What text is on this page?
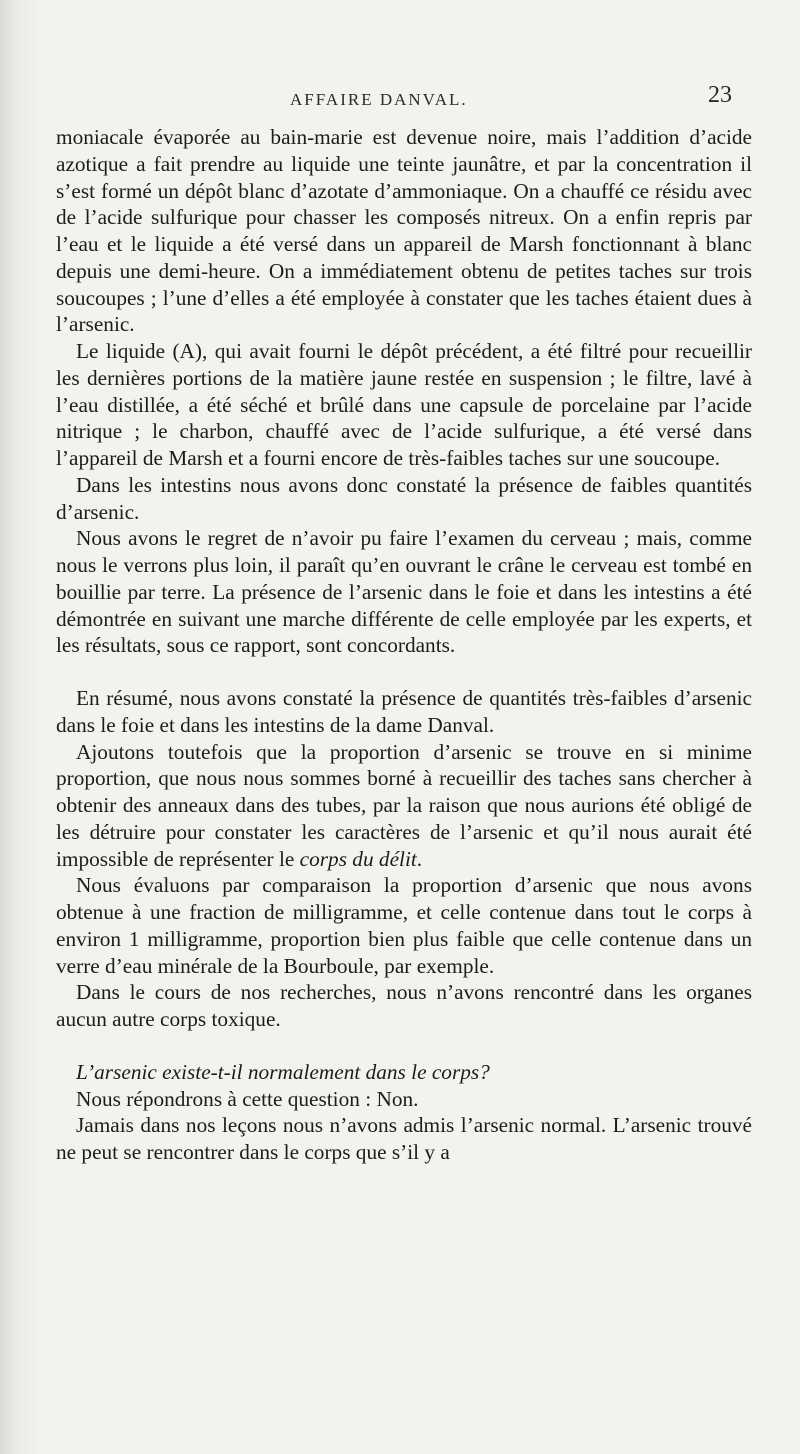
AFFAIRE DANVAL.	23

moniacale évaporée au bain-marie est devenue noire, mais l’addition d’acide azotique a fait prendre au liquide une teinte jaunâtre, et par la concentration il s’est formé un dépôt blanc d’azotate d’ammoniaque. On a chauffé ce résidu avec de l’acide sulfurique pour chasser les composés nitreux. On a enfin repris par l’eau et le liquide a été versé dans un appareil de Marsh fonctionnant à blanc depuis une demi-heure. On a immédiatement obtenu de petites taches sur trois soucoupes ; l’une d’elles a été employée à constater que les taches étaient dues à l’arsenic.

Le liquide (A), qui avait fourni le dépôt précédent, a été filtré pour recueillir les dernières portions de la matière jaune restée en suspension ; le filtre, lavé à l’eau distillée, a été séché et brûlé dans une capsule de porcelaine par l’acide nitrique ; le charbon, chauffé avec de l’acide sulfurique, a été versé dans l’appareil de Marsh et a fourni encore de très-faibles taches sur une soucoupe.

Dans les intestins nous avons donc constaté la présence de faibles quantités d’arsenic.

Nous avons le regret de n’avoir pu faire l’examen du cerveau ; mais, comme nous le verrons plus loin, il paraît qu’en ouvrant le crâne le cerveau est tombé en bouillie par terre. La présence de l’arsenic dans le foie et dans les intestins a été démontrée en suivant une marche différente de celle employée par les experts, et les résultats, sous ce rapport, sont concordants.

En résumé, nous avons constaté la présence de quantités très-faibles d’arsenic dans le foie et dans les intestins de la dame Danval.

Ajoutons toutefois que la proportion d’arsenic se trouve en si minime proportion, que nous nous sommes borné à recueillir des taches sans chercher à obtenir des anneaux dans des tubes, par la raison que nous aurions été obligé de les détruire pour constater les caractères de l’arsenic et qu’il nous aurait été impossible de représenter le corps du délit.

Nous évaluons par comparaison la proportion d’arsenic que nous avons obtenue à une fraction de milligramme, et celle contenue dans tout le corps à environ 1 milligramme, proportion bien plus faible que celle contenue dans un verre d’eau minérale de la Bourboule, par exemple.

Dans le cours de nos recherches, nous n’avons rencontré dans les organes aucun autre corps toxique.

L’arsenic existe-t-il normalement dans le corps?

Nous répondrons à cette question : Non.

Jamais dans nos leçons nous n’avons admis l’arsenic normal. L’arsenic trouvé ne peut se rencontrer dans le corps que s’il y a
